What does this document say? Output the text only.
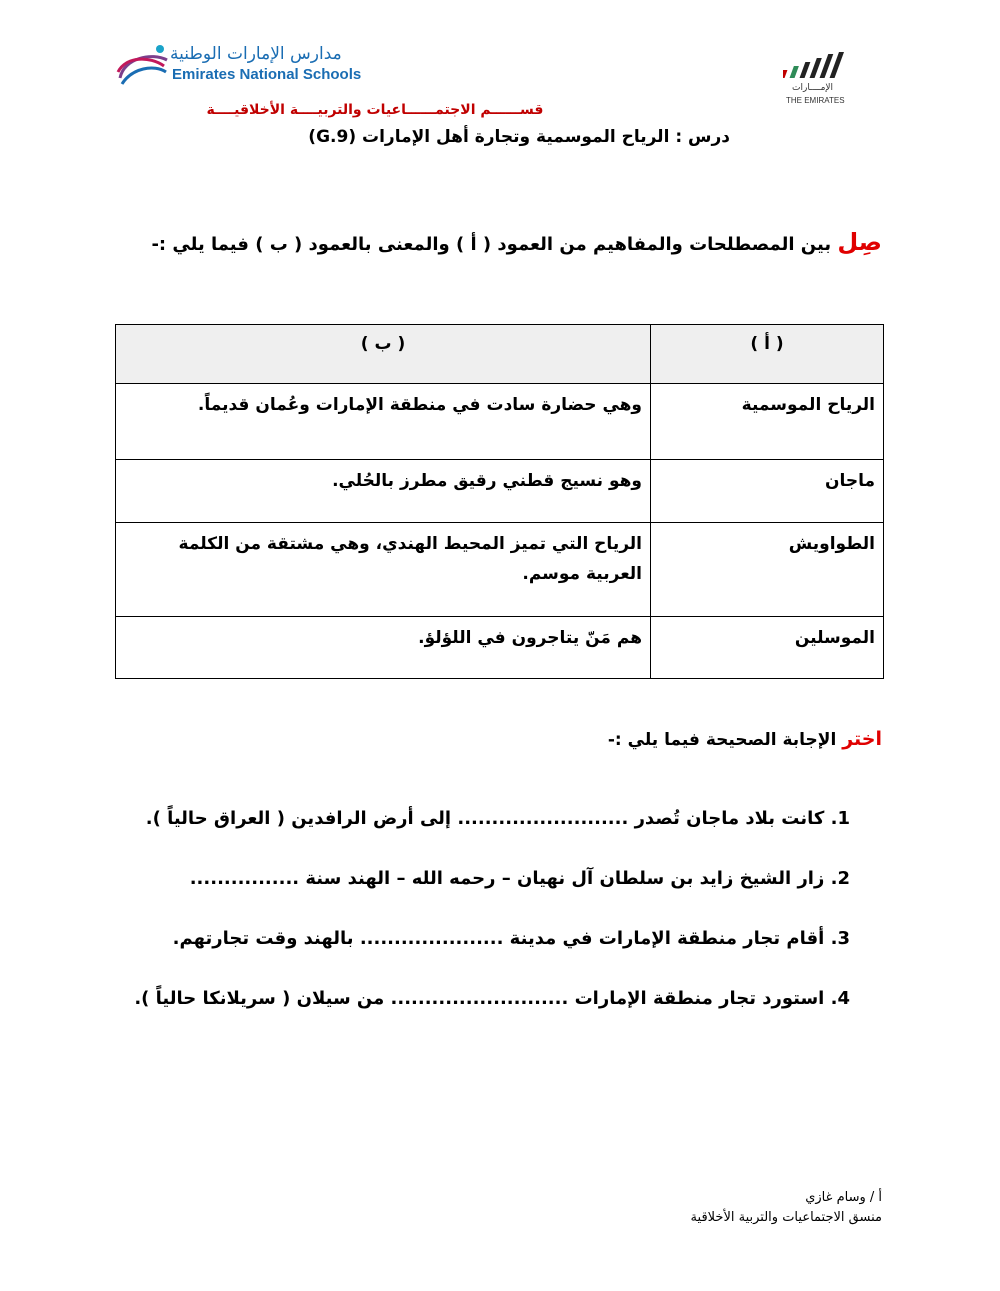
مدارس الإمارات الوطنية
Emirates National Schools
الإمــــارات
THE EMIRATES
قســــــم الاجتمــــــاعيات والتربيــــة الأخلاقيــــة
درس : الرياح الموسمية وتجارة أهل الإمارات (G.9)
صِل بين المصطلحات والمفاهيم من العمود ( أ ) والمعنى بالعمود ( ب ) فيما يلي :-
( أ )	( ب )
الرياح الموسمية	وهي حضارة سادت في منطقة الإمارات وعُمان قديماً.
ماجان	وهو نسيج قطني رقيق مطرز بالحُلي.
الطواويش	الرياح التي تميز المحيط الهندي، وهي مشتقة من الكلمة العربية موسم.
الموسلين	هم مَنّ يتاجرون في اللؤلؤ.
اختر الإجابة الصحيحة فيما يلي :-
1. كانت بلاد ماجان تُصدر ......................... إلى أرض الرافدين ( العراق حالياً ).
2. زار الشيخ زايد بن سلطان آل نهيان – رحمه الله – الهند سنة ................
3. أقام تجار منطقة الإمارات في مدينة ..................... بالهند وقت تجارتهم.
4. استورد تجار منطقة الإمارات .......................... من سيلان ( سريلانكا حالياً ).
أ / وسام غازي
منسق الاجتماعيات والتربية الأخلاقية
